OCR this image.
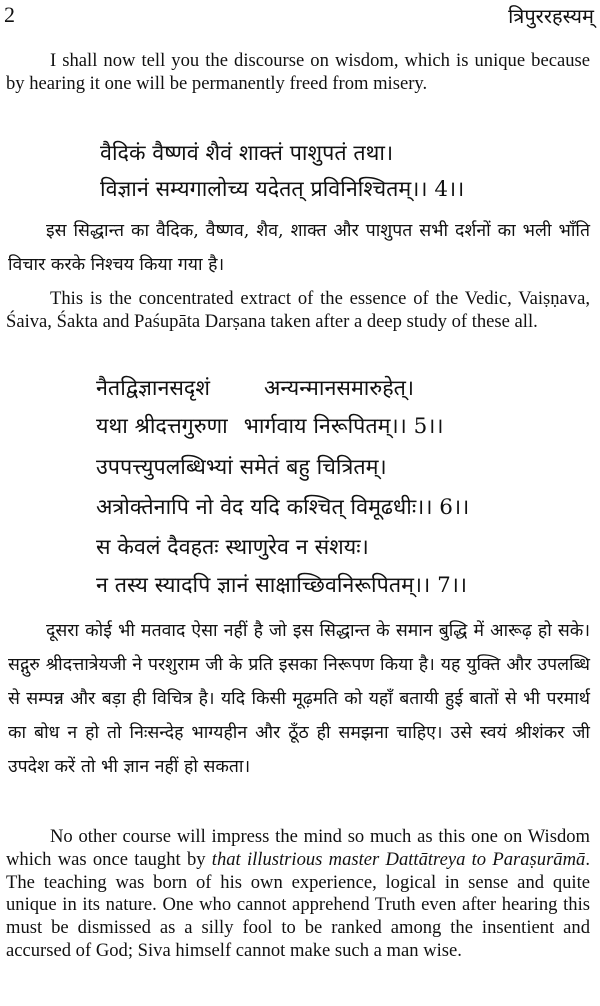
2	त्रिपुररहस्यम्
I shall now tell you the discourse on wisdom, which is unique because by hearing it one will be permanently freed from misery.
वैदिकं वैष्णवं शैवं शाक्तं पाशुपतं तथा।
विज्ञानं सम्यगालोच्य यदेतत् प्रविनिश्चितम्।। 4।।
इस सिद्धान्त का वैदिक, वैष्णव, शैव, शाक्त और पाशुपत सभी दर्शनों का भली भाँति विचार करके निश्चय किया गया है।
This is the concentrated extract of the essence of the Vedic, Vaiṣṇava, Śaiva, Śakta and Paśupāta Darṣana taken after a deep study of these all.
नैतद्विज्ञानसदृशं	अन्यन्मानसमारुहेत्।
यथा श्रीदत्तगुरुणा भार्गवाय निरूपितम्।। 5।।
उपपत्त्युपलब्धिभ्यां समेतं बहु चित्रितम्।
अत्रोक्तेनापि नो वेद यदि कश्चित् विमूढधीः।। 6।।
स केवलं दैवहतः स्थाणुरेव न संशयः।
न तस्य स्यादपि ज्ञानं साक्षाच्छिवनिरूपितम्।। 7।।
दूसरा कोई भी मतवाद ऐसा नहीं है जो इस सिद्धान्त के समान बुद्धि में आरूढ़ हो सके। सद्गुरु श्रीदत्तात्रेयजी ने परशुराम जी के प्रति इसका निरूपण किया है। यह युक्ति और उपलब्धि से सम्पन्न और बड़ा ही विचित्र है। यदि किसी मूढ़मति को यहाँ बतायी हुई बातों से भी परमार्थ का बोध न हो तो निःसन्देह भाग्यहीन और ठूँठ ही समझना चाहिए। उसे स्वयं श्रीशंकर जी उपदेश करें तो भी ज्ञान नहीं हो सकता।
No other course will impress the mind so much as this one on Wisdom which was once taught by that illustrious master Dattātreya to Paraṣurāmā. The teaching was born of his own experience, logical in sense and quite unique in its nature. One who cannot apprehend Truth even after hearing this must be dismissed as a silly fool to be ranked among the insentient and accursed of God; Siva himself cannot make such a man wise.
